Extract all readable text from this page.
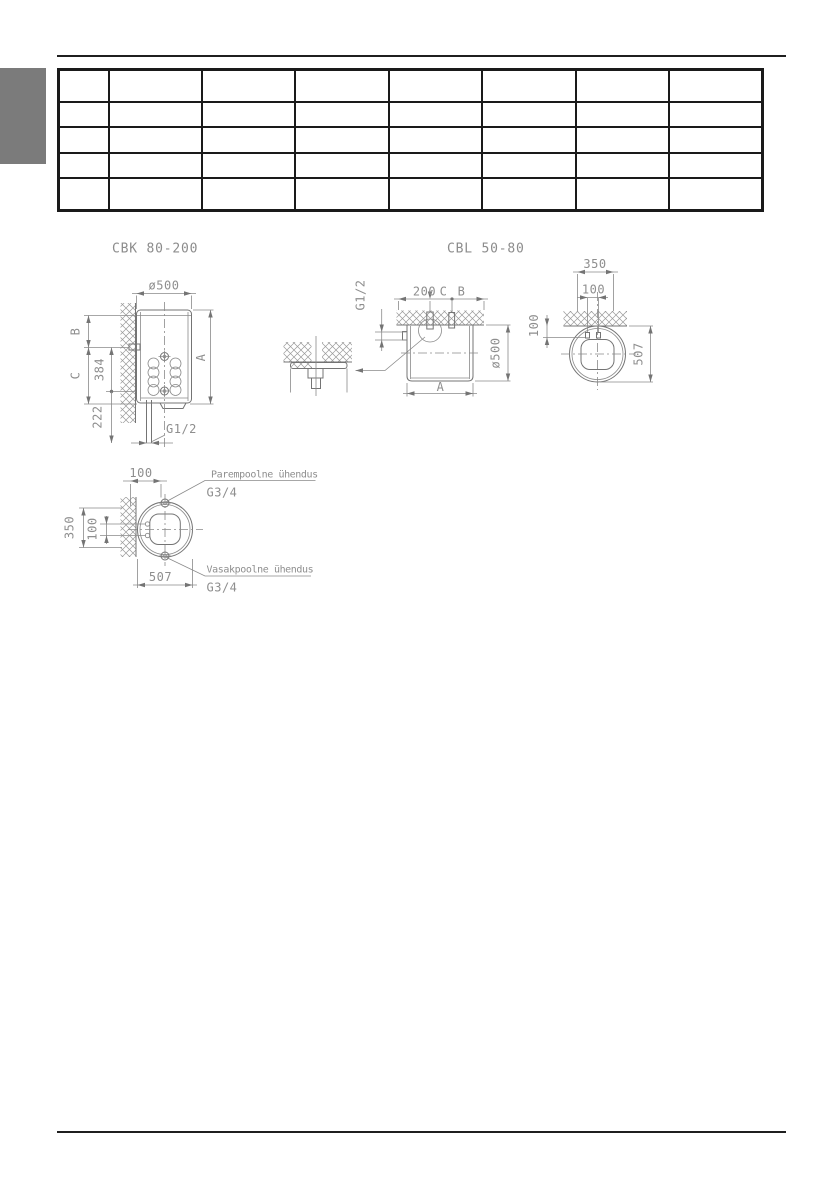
CBK 80-200
ø500
A
B
C 384
222
G1/2
100
350 100
507
Parempoolne ühendus
G3/4
Vasakpoolne ühendus
G3/4
CBL 50-80
G1/2	200 C B
ø500
A
350
100
100
507
